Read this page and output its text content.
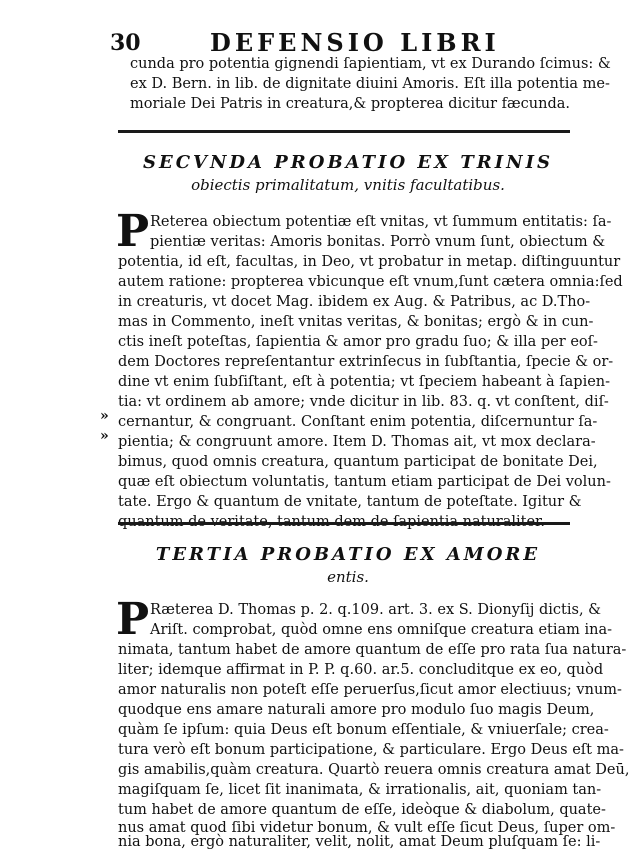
30	DEFENSIO LIBRI
cunda pro potentia gignendi ſapientiam, vt ex Durando ſcimus: &
ex D. Bern. in lib. de dignitate diuini Amoris. Eſt illa potentia me-
moriale Dei Patris in creatura,& propterea dicitur fæcunda.
SECVNDA PROBATIO EX TRINIS
obiectis primalitatum, vnitis facultatibus.
P Reterea obiectum potentiæ eſt vnitas, vt ſummum entitatis: ſa-
pientiæ veritas: Amoris bonitas. Porrò vnum ſunt, obiectum &
potentia, id eſt, facultas, in Deo, vt probatur in metap. diſtinguuntur
autem ratione: propterea vbicunque eſt vnum,ſunt cætera omnia:ſed
in creaturis, vt docet Mag. ibidem ex Aug. & Patribus, ac D.Tho-
mas in Commento, ineſt vnitas veritas, & bonitas; ergò & in cun-
ctis ineſt poteſtas, ſapientia & amor pro gradu ſuo; & illa per eoſ-
dem Doctores repreſentantur extrinſecus in ſubſtantia, ſpecie & or-
dine vt enim ſubſiſtant, eſt à potentia; vt ſpeciem habeant à ſapien-
tia: vt ordinem ab amore; vnde dicitur in lib. 83. q. vt conſtent, diſ-
cernantur, & congruant. Conſtant enim potentia, diſcernuntur ſa-
pientia; & congruunt amore. Item D. Thomas ait, vt mox declara-
bimus, quod omnis creatura, quantum participat de bonitate Dei,
quæ eſt obiectum voluntatis, tantum etiam participat de Dei volun-
tate. Ergo & quantum de vnitate, tantum de poteſtate. Igitur &
»
»
TERTIA PROBATIO EX AMORE
entis.
P Ræterea D. Thomas p. 2. q.109. art. 3. ex S. Dionyſij dictis, &
Ariſt. comprobat, quòd omne ens omniſque creatura etiam ina-
nimata, tantum habet de amore quantum de eſſe pro rata ſua natura-
liter; idemque affirmat in P. P. q.60. ar.5. concluditque ex eo, quòd
amor naturalis non poteſt eſſe peruerſus,ſicut amor electiuus; vnum-
quodque ens amare naturali amore pro modulo ſuo magis Deum,
quàm ſe ipſum: quia Deus eſt bonum eſſentiale, & vniuerſale; crea-
tura verò eſt bonum participatione, & particulare. Ergo Deus eſt ma-
gis amabilis,quàm creatura. Quartò reuera omnis creatura amat Deū,
magiſquam ſe, licet ſit inanimata, & irrationalis, ait, quoniam tan-
tum habet de amore quantum de eſſe, ideòque & diabolum, quate-
nus amat quod ſibi videtur bonum, & vult eſſe ſicut Deus, ſuper om-
nia bona, ergò naturaliter, velit, nolit, amat Deum pluſquam ſe: li-
